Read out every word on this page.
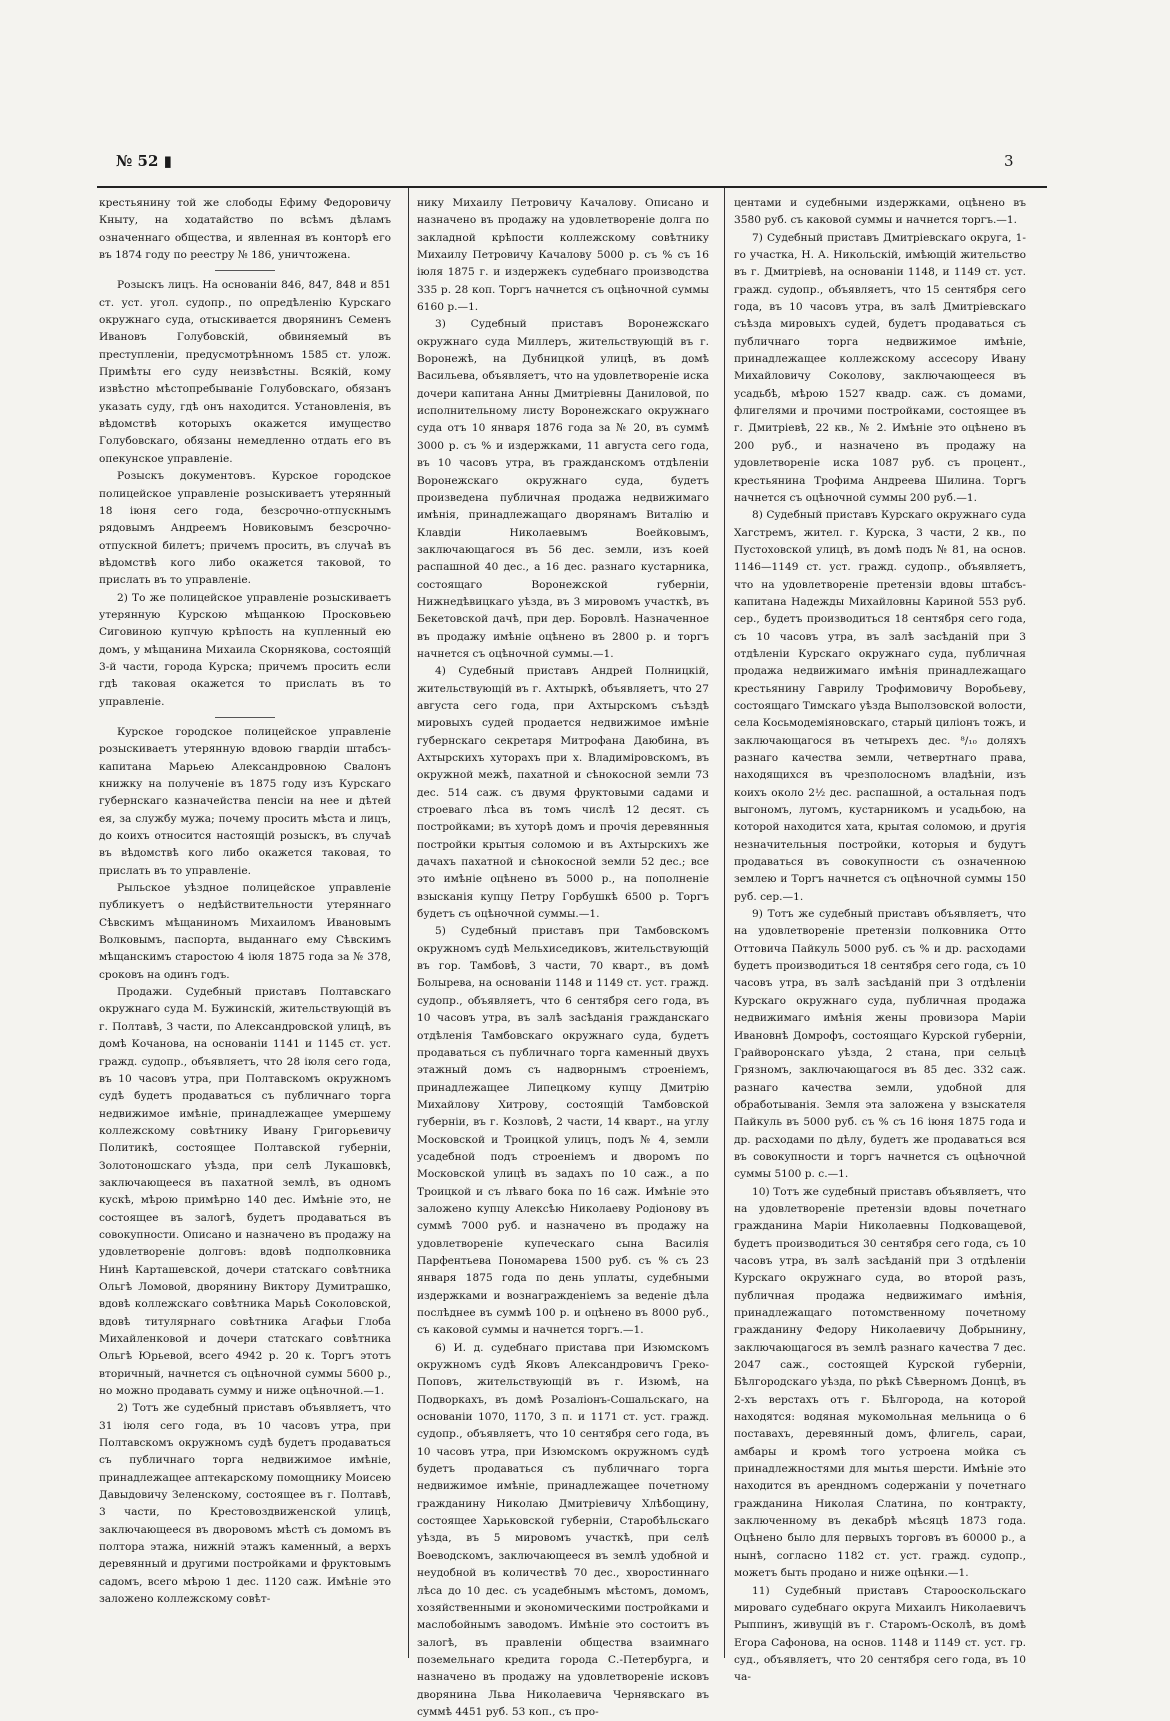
№ 52 ▮	3

крестьянину той же слободы Ефиму Федоровичу Кныту, на ходатайство по всѣмъ дѣламъ означеннаго общества, и явленная въ конторѣ его въ 1874 году по реестру № 186, уничтожена.

Розыскъ лицъ. На основаніи 846, 847, 848 и 851 ст. уст. угол. судопр., по опредѣленію Курскаго окружнаго суда, отыскивается дворянинъ Семенъ Ивановъ Голубовскій, обвиняемый въ преступленіи, предусмотрѣнномъ 1585 ст. улож. Примѣты его суду неизвѣстны. Всякій, кому извѣстно мѣстопребываніе Голубовскаго, обязанъ указать суду, гдѣ онъ находится. Установленія, въ вѣдомствѣ которыхъ окажется имущество Голубовскаго, обязаны немедленно отдать его въ опекунское управленіе.

Розыскъ документовъ. Курское городское полицейское управленіе розыскиваетъ утерянный 18 іюня сего года, безсрочно-отпускнымъ рядовымъ Андреемъ Новиковымъ безсрочно-отпускной билетъ; причемъ просить, въ случаѣ въ вѣдомствѣ кого либо окажется таковой, то прислать въ то управленіе.

2) То же полицейское управленіе розыскиваетъ утерянную Курскою мѣщанкою Просковьею Сиговиною купчую крѣпость на купленный ею домъ, у мѣщанина Михаила Скорнякова, состоящій 3-й части, города Курска; причемъ просить если гдѣ таковая окажется то прислать въ то управленіе.

Курское городское полицейское управленіе розыскиваетъ утерянную вдовою гвардіи штабсъ-капитана Марьею Александровною Свалонъ книжку на полученіе въ 1875 году изъ Курскаго губернскаго казначейства пенсіи на нее и дѣтей ея, за службу мужа; почему просить мѣста и лицъ, до коихъ относится настоящій розыскъ, въ случаѣ въ вѣдомствѣ кого либо окажется таковая, то прислать въ то управленіе.

Рыльское уѣздное полицейское управленіе публикуетъ о недѣйствительности утеряннаго Сѣвскимъ мѣщаниномъ Михаиломъ Ивановымъ Волковымъ, паспорта, выданнаго ему Сѣвскимъ мѣщанскимъ старостою 4 іюля 1875 года за № 378, сроковъ на одинъ годъ.

Продажи. Судебный приставъ Полтавскаго окружнаго суда М. Бужинскій, жительствующій въ г. Полтавѣ, 3 части, по Александровской улицѣ, въ домѣ Кочанова, на основаніи 1141 и 1145 ст. уст. гражд. судопр., объявляетъ, что 28 іюля сего года, въ 10 часовъ утра, при Полтавскомъ окружномъ судѣ будетъ продаваться съ публичнаго торга недвижимое имѣніе, принадлежащее умершему коллежскому совѣтнику Ивану Григорьевичу Политикѣ, состоящее Полтавской губерніи, Золотоношскаго уѣзда, при селѣ Лукашовкѣ, заключающееся въ пахатной землѣ, въ одномъ кускѣ, мѣрою примѣрно 140 дес. Имѣніе это, не состоящее въ залогѣ, будетъ продаваться въ совокупности. Описано и назначено въ продажу на удовлетвореніе долговъ: вдовѣ подполковника Нинѣ Карташевской, дочери статскаго совѣтника Ольгѣ Ломовой, дворянину Виктору Думитрашко, вдовѣ коллежскаго совѣтника Марьѣ Соколовской, вдовѣ титулярнаго совѣтника Агафьи Глоба Михайленковой и дочери статскаго совѣтника Ольгѣ Юрьевой, всего 4942 р. 20 к. Торгъ этотъ вторичный, начнется съ оцѣночной суммы 5600 р., но можно продавать сумму и ниже оцѣночной.—1.

2) Тотъ же судебный приставъ объявляетъ, что 31 іюля сего года, въ 10 часовъ утра, при Полтавскомъ окружномъ судѣ будетъ продаваться съ публичнаго торга недвижимое имѣніе, принадлежащее аптекарскому помощнику Моисею Давыдовичу Зеленскому, состоящее въ г. Полтавѣ, 3 части, по Крестовоздвиженской улицѣ, заключающееся въ дворовомъ мѣстѣ съ домомъ въ полтора этажа, нижній этажъ каменный, а верхъ деревянный и другими постройками и фруктовымъ садомъ, всего мѣрою 1 дес. 1120 саж. Имѣніе это заложено коллежскому совѣт-

нику Михаилу Петровичу Качалову. Описано и назначено въ продажу на удовлетвореніе долга по закладной крѣпости коллежскому совѣтнику Михаилу Петровичу Качалову 5000 р. съ % съ 16 іюля 1875 г. и издержекъ судебнаго производства 335 р. 28 коп. Торгъ начнется съ оцѣночной суммы 6160 р.—1.

3) Судебный приставъ Воронежскаго окружнаго суда Миллеръ, жительствующій въ г. Воронежѣ, на Дубницкой улицѣ, въ домѣ Васильева, объявляетъ, что на удовлетвореніе иска дочери капитана Анны Дмитріевны Даниловой, по исполнительному листу Воронежскаго окружнаго суда отъ 10 января 1876 года за № 20, въ суммѣ 3000 р. съ % и издержками, 11 августа сего года, въ 10 часовъ утра, въ гражданскомъ отдѣленіи Воронежскаго окружнаго суда, будетъ произведена публичная продажа недвижимаго имѣнія, принадлежащаго дворянамъ Виталію и Клавдіи Николаевымъ Воейковымъ, заключающагося въ 56 дес. земли, изъ коей распашной 40 дес., а 16 дес. разнаго кустарника, состоящаго Воронежской губерніи, Нижнедѣвицкаго уѣзда, въ 3 мировомъ участкѣ, въ Бекетовской дачѣ, при дер. Боровлѣ. Назначенное въ продажу имѣніе оцѣнено въ 2800 р. и торгъ начнется съ оцѣночной суммы.—1.

4) Судебный приставъ Андрей Полницкій, жительствующій въ г. Ахтыркѣ, объявляетъ, что 27 августа сего года, при Ахтырскомъ съѣздѣ мировыхъ судей продается недвижимое имѣніе губернскаго секретаря Митрофана Даюбина, въ Ахтырскихъ хуторахъ при х. Владиміровскомъ, въ окружной межѣ, пахатной и сѣнокосной земли 73 дес. 514 саж. съ двумя фруктовыми садами и строеваго лѣса въ томъ числѣ 12 десят. съ постройками; въ хуторѣ домъ и прочія деревянныя постройки крытыя соломою и въ Ахтырскихъ же дачахъ пахатной и сѣнокосной земли 52 дес.; все это имѣніе оцѣнено въ 5000 р., на пополненіе взысканія купцу Петру Горбушкѣ 6500 р. Торгъ будетъ съ оцѣночной суммы.—1.

5) Судебный приставъ при Тамбовскомъ окружномъ судѣ Мельхиседиковъ, жительствующій въ гор. Тамбовѣ, 3 части, 70 кварт., въ домѣ Болырева, на основаніи 1148 и 1149 ст. уст. гражд. судопр., объявляетъ, что 6 сентября сего года, въ 10 часовъ утра, въ залѣ засѣданія гражданскаго отдѣленія Тамбовскаго окружнаго суда, будетъ продаваться съ публичнаго торга каменный двухъ этажный домъ съ надворнымъ строеніемъ, принадлежащее Липецкому купцу Дмитрію Михайлову Хитрову, состоящій Тамбовской губерніи, въ г. Козловѣ, 2 части, 14 кварт., на углу Московской и Троицкой улицъ, подъ № 4, земли усадебной подъ строеніемъ и дворомъ по Московской улицѣ въ задахъ по 10 саж., а по Троицкой и съ лѣваго бока по 16 саж. Имѣніе это заложено купцу Алексѣю Николаеву Родіонову въ суммѣ 7000 руб. и назначено въ продажу на удовлетвореніе купеческаго сына Василія Парфентьева Пономарева 1500 руб. съ % съ 23 января 1875 года по день уплаты, судебными издержками и вознагражденіемъ за веденіе дѣла послѣднее въ суммѣ 100 р. и оцѣнено въ 8000 руб., съ каковой суммы и начнется торгъ.—1.

6) И. д. судебнаго пристава при Изюмскомъ окружномъ судѣ Яковъ Александровичъ Греко-Поповъ, жительствующій въ г. Изюмѣ, на Подворкахъ, въ домѣ Розаліонъ-Сошальскаго, на основаніи 1070, 1170, 3 п. и 1171 ст. уст. гражд. судопр., объявляетъ, что 10 сентября сего года, въ 10 часовъ утра, при Изюмскомъ окружномъ судѣ будетъ продаваться съ публичнаго торга недвижимое имѣніе, принадлежащее почетному гражданину Николаю Дмитріевичу Хлѣбощину, состоящее Харьковской губерніи, Старобѣльскаго уѣзда, въ 5 мировомъ участкѣ, при селѣ Воеводскомъ, заключающееся въ землѣ удобной и неудобной въ количествѣ 70 дес., хворостиннаго лѣса до 10 дес. съ усадебнымъ мѣстомъ, домомъ, хозяйственными и экономическими постройками и маслобойнымъ заводомъ. Имѣніе это состоитъ въ залогѣ, въ правленіи общества взаимнаго поземельнаго кредита города С.-Петербурга, и назначено въ продажу на удовлетвореніе исковъ дворянина Льва Николаевича Чернявскаго въ суммѣ 4451 руб. 53 коп., съ про-

центами и судебными издержками, оцѣнено въ 3580 руб. съ каковой суммы и начнется торгъ.—1.

7) Судебный приставъ Дмитріевскаго округа, 1-го участка, Н. А. Никольскій, имѣющій жительство въ г. Дмитріевѣ, на основаніи 1148, и 1149 ст. уст. гражд. судопр., объявляетъ, что 15 сентября сего года, въ 10 часовъ утра, въ залѣ Дмитріевскаго съѣзда мировыхъ судей, будетъ продаваться съ публичнаго торга недвижимое имѣніе, принадлежащее коллежскому ассесору Ивану Михайловичу Соколову, заключающееся въ усадьбѣ, мѣрою 1527 квадр. саж. съ домами, флигелями и прочими постройками, состоящее въ г. Дмитріевѣ, 22 кв., № 2. Имѣніе это оцѣнено въ 200 руб., и назначено въ продажу на удовлетвореніе иска 1087 руб. съ процент., крестьянина Трофима Андреева Шилина. Торгъ начнется съ оцѣночной суммы 200 руб.—1.

8) Судебный приставъ Курскаго окружнаго суда Хагстремъ, жител. г. Курска, 3 части, 2 кв., по Пустоховской улицѣ, въ домѣ подъ № 81, на основ. 1146—1149 ст. уст. гражд. судопр., объявляетъ, что на удовлетвореніе претензіи вдовы штабсъ-капитана Надежды Михайловны Кариной 553 руб. сер., будетъ производиться 18 сентября сего года, съ 10 часовъ утра, въ залѣ засѣданій при 3 отдѣленіи Курскаго окружнаго суда, публичная продажа недвижимаго имѣнія принадлежащаго крестьянину Гаврилу Трофимовичу Воробьеву, состоящаго Тимскаго уѣзда Выползовской волости, села Косьмодеміяновскаго, старый циліонъ тожъ, и заключающагося въ четырехъ дес. ⁸/₁₀ доляхъ разнаго качества земли, четвертнаго права, находящихся въ чрезполосномъ владѣніи, изъ коихъ около 2½ дес. распашной, а остальная подъ выгономъ, лугомъ, кустарникомъ и усадьбою, на которой находится хата, крытая соломою, и другія незначительныя постройки, которыя и будутъ продаваться въ совокупности съ означенною землею и Торгъ начнется съ оцѣночной суммы 150 руб. сер.—1.

9) Тотъ же судебный приставъ объявляетъ, что на удовлетвореніе претензіи полковника Отто Оттовича Пайкуль 5000 руб. съ % и др. расходами будетъ производиться 18 сентября сего года, съ 10 часовъ утра, въ залѣ засѣданій при 3 отдѣленіи Курскаго окружнаго суда, публичная продажа недвижимаго имѣнія жены провизора Маріи Ивановнѣ Домрофъ, состоящаго Курской губерніи, Грайворонскаго уѣзда, 2 стана, при сельцѣ Грязномъ, заключающагося въ 85 дес. 332 саж. разнаго качества земли, удобной для обработыванія. Земля эта заложена у взыскателя Пайкуль въ 5000 руб. съ % съ 16 іюня 1875 года и др. расходами по дѣлу, будетъ же продаваться вся въ совокупности и торгъ начнется съ оцѣночной суммы 5100 р. с.—1.

10) Тотъ же судебный приставъ объявляетъ, что на удовлетвореніе претензіи вдовы почетнаго гражданина Маріи Николаевны Подковащевой, будетъ производиться 30 сентября сего года, съ 10 часовъ утра, въ залѣ засѣданій при 3 отдѣленіи Курскаго окружнаго суда, во второй разъ, публичная продажа недвижимаго имѣнія, принадлежащаго потомственному почетному гражданину Федору Николаевичу Добрынину, заключающагося въ землѣ разнаго качества 7 дес. 2047 саж., состоящей Курской губерніи, Бѣлгородскаго уѣзда, по рѣкѣ Сѣверномъ Донцѣ, въ 2-хъ верстахъ отъ г. Бѣлгорода, на которой находятся: водяная мукомольная мельница о 6 поставахъ, деревянный домъ, флигель, сараи, амбары и кромѣ того устроена мойка съ принадлежностями для мытья шерсти. Имѣніе это находится въ арендномъ содержаніи у почетнаго гражданина Николая Слатина, по контракту, заключенному въ декабрѣ мѣсяцѣ 1873 года. Оцѣнено было для первыхъ торговъ въ 60000 р., а нынѣ, согласно 1182 ст. уст. гражд. судопр., можетъ быть продано и ниже оцѣнки.—1.

11) Судебный приставъ Старооскольскаго мироваго судебнаго округа Михаилъ Николаевичъ Рыппинъ, живущій въ г. Старомъ-Осколѣ, въ домѣ Егора Сафонова, на основ. 1148 и 1149 ст. уст. гр. суд., объявляетъ, что 20 сентября сего года, въ 10 ча-
